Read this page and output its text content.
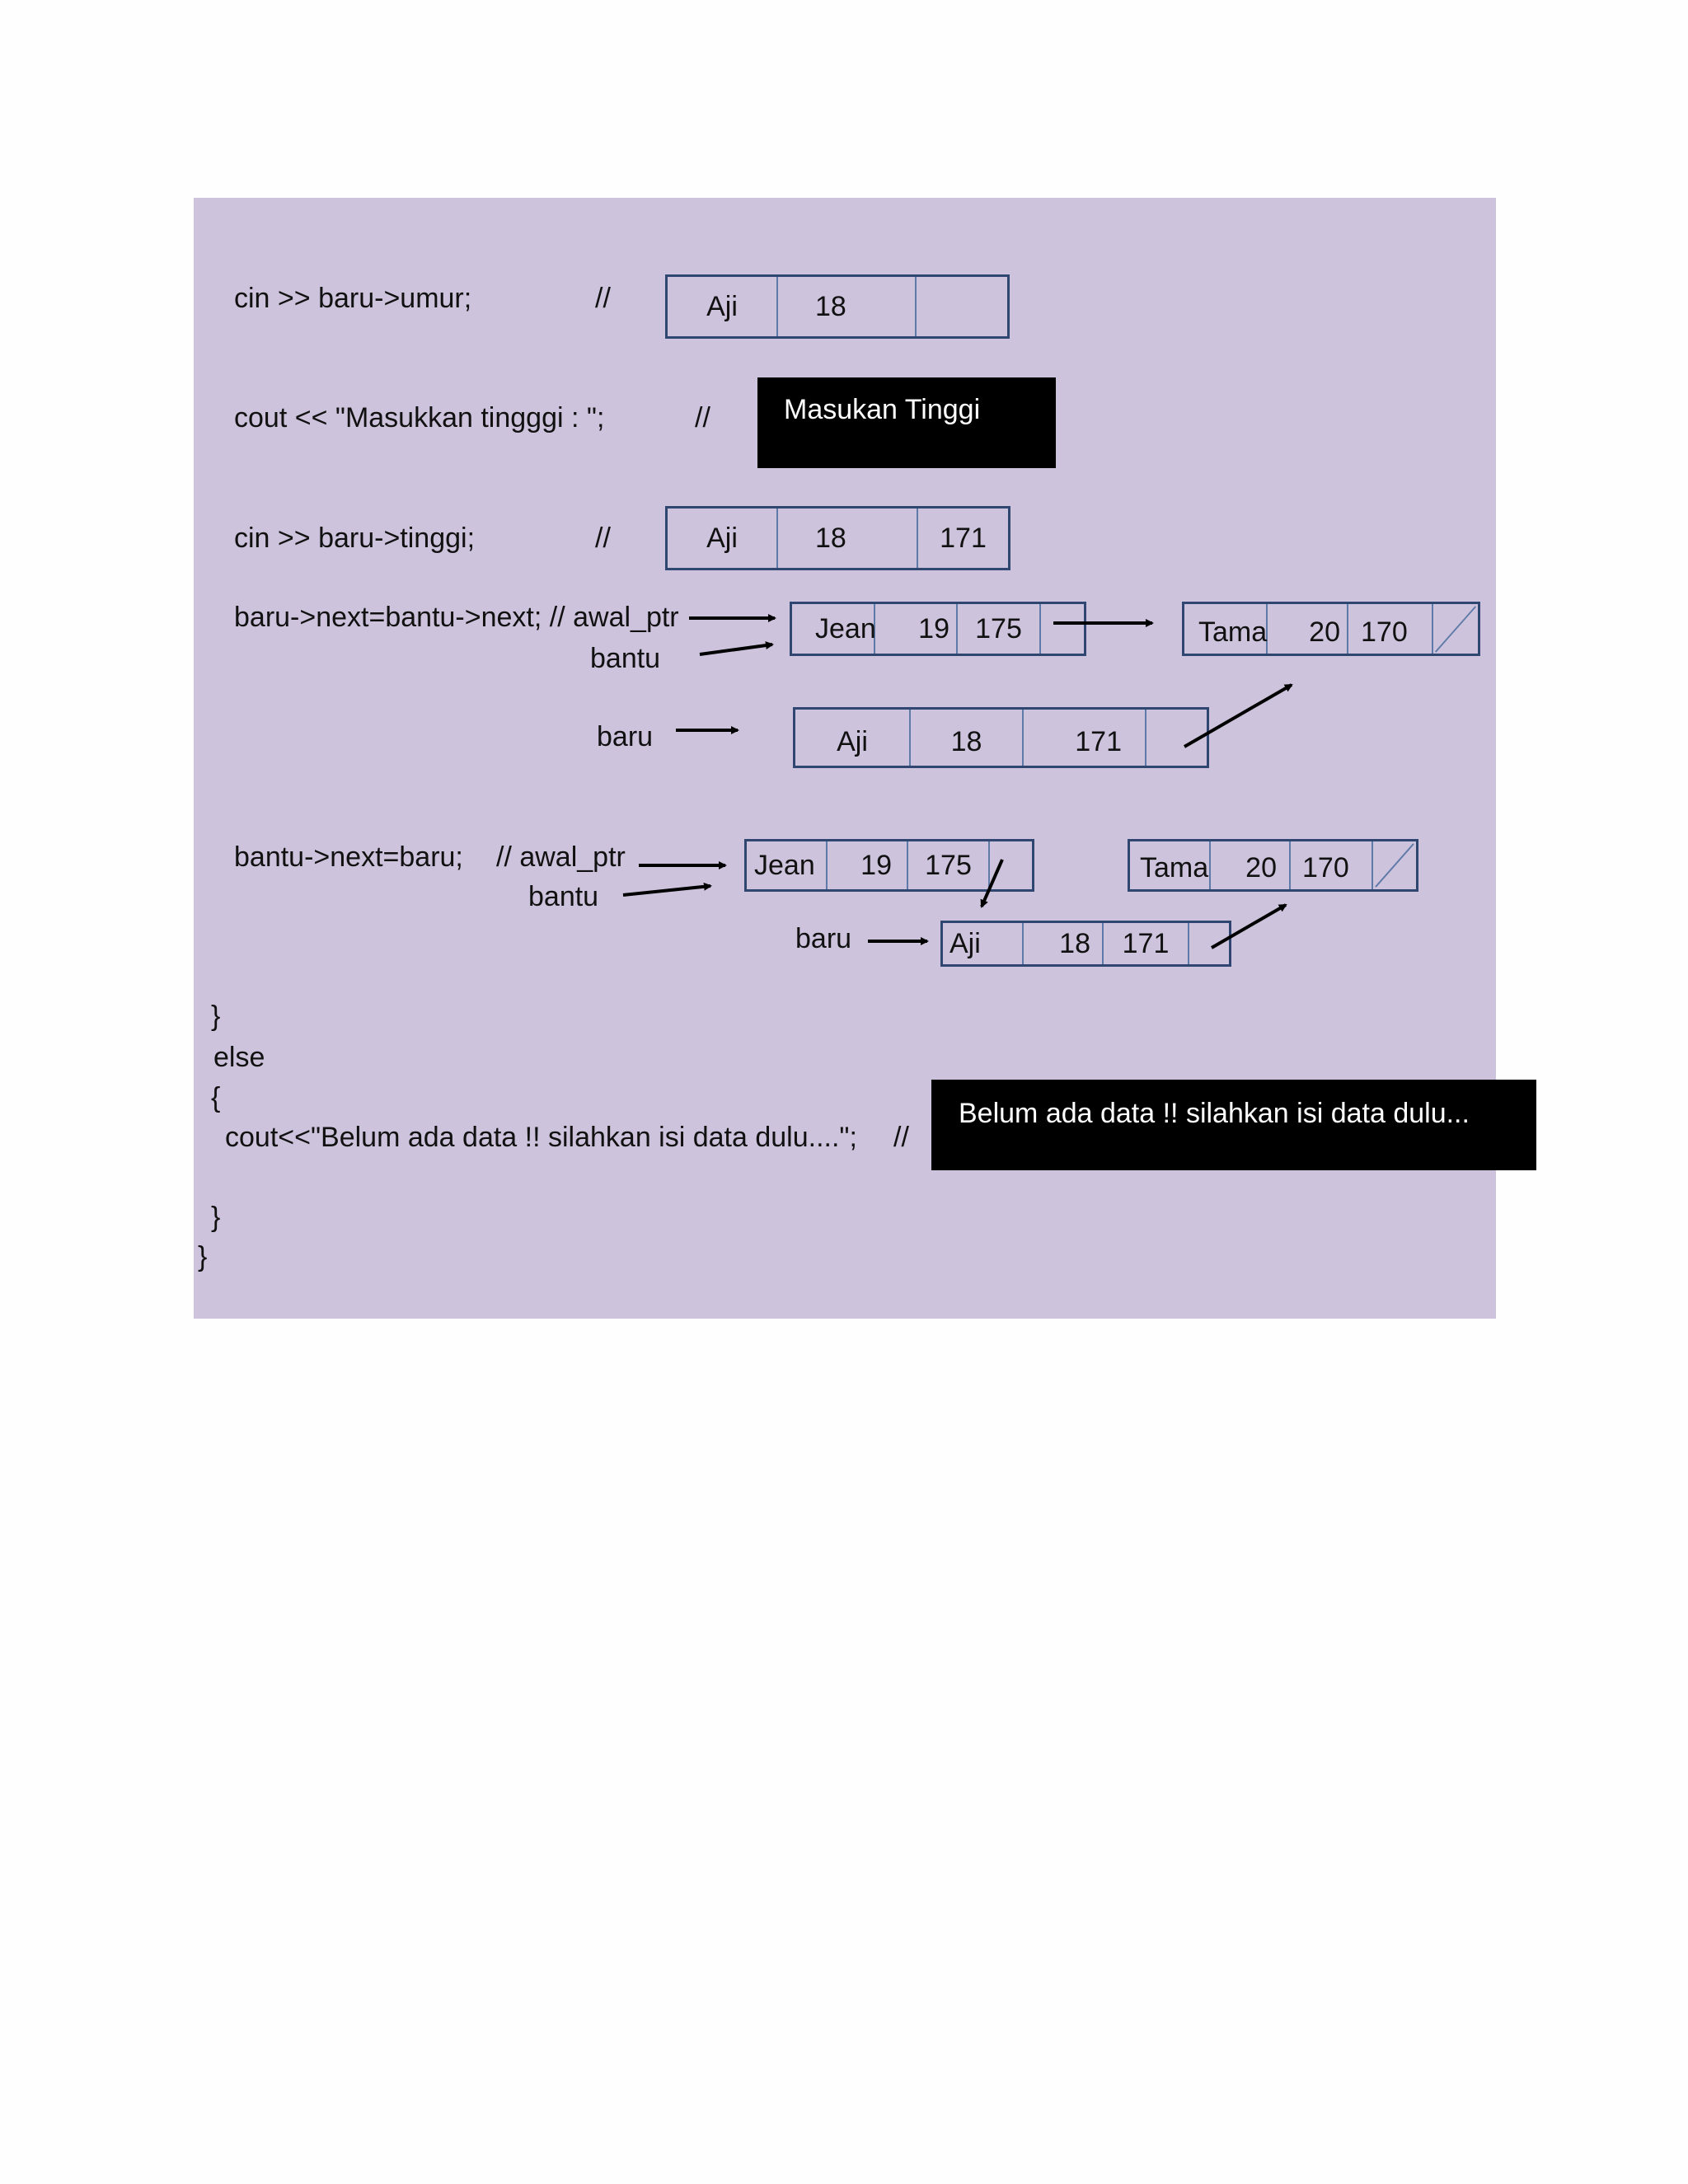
cin >> baru->umur;	//
cout << "Masukkan tingggi : ";	//
cin >> baru->tinggi;	//
baru->next=bantu->next; // awal_ptr
bantu
baru
bantu->next=baru; // awal_ptr
bantu
baru
}
else
{
cout<<"Belum ada data !! silahkan isi data dulu...."; //
}
}
Masukan Tinggi
Belum ada data !! silahkan isi data dulu...
Aji	18
Aji	18	171
Jean	19 175	Tama	20 170
Aji	18	171
Jean	19	175	Tama	20 170
Aji	18	171
